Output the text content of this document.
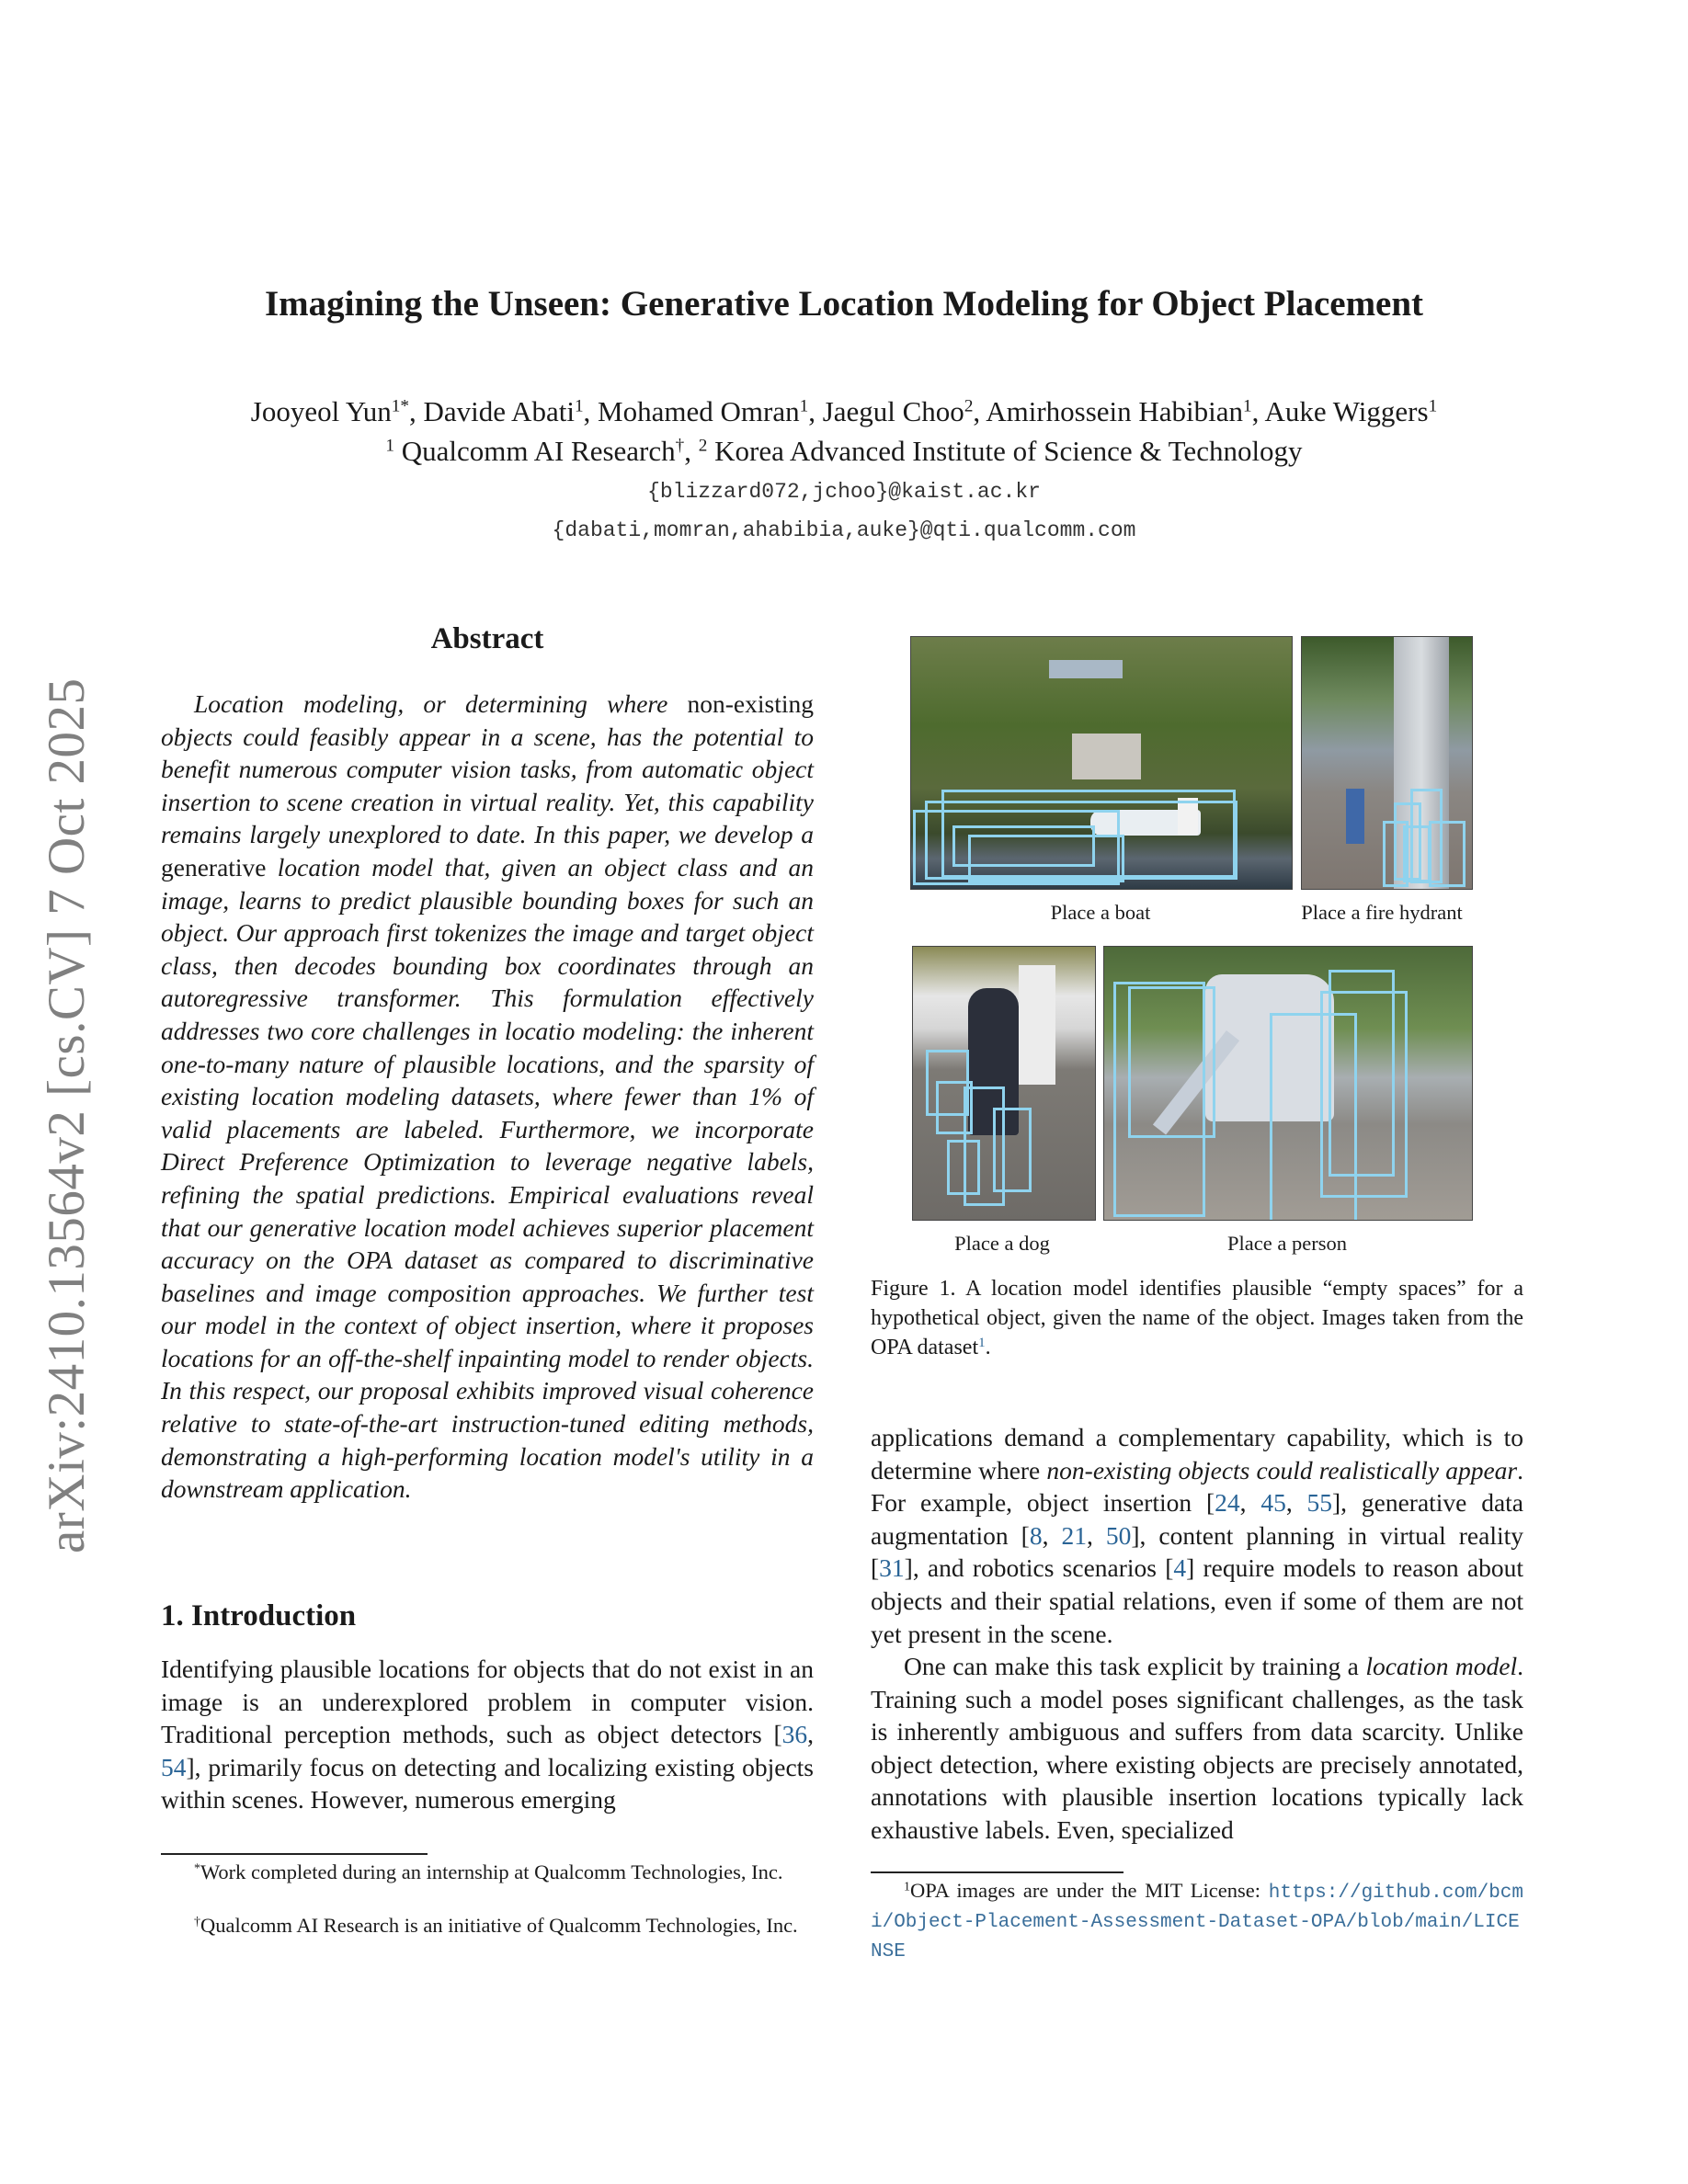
Imagining the Unseen: Generative Location Modeling for Object Placement
Jooyeol Yun$^{1*}$, Davide Abati$^1$, Mohamed Omran$^1$, Jaegul Choo$^2$, Amirhossein Habibian$^1$, Auke Wiggers$^1$
$^1$ Qualcomm AI Research†, $^2$ Korea Advanced Institute of Science & Technology
{blizzard072,jchoo}@kaist.ac.kr
{dabati,momran,ahabibia,auke}@qti.qualcomm.com
arXiv:2410.13564v2 [cs.CV] 7 Oct 2025
Abstract
Location modeling, or determining where non-existing objects could feasibly appear in a scene, has the potential to benefit numerous computer vision tasks, from automatic object insertion to scene creation in virtual reality. Yet, this capability remains largely unexplored to date. In this paper, we develop a generative location model that, given an object class and an image, learns to predict plausible bounding boxes for such an object. Our approach first tokenizes the image and target object class, then decodes bounding box coordinates through an autoregressive transformer. This formulation effectively addresses two core challenges in locatio modeling: the inherent one-to-many nature of plausible locations, and the sparsity of existing location modeling datasets, where fewer than 1% of valid placements are labeled. Furthermore, we incorporate Direct Preference Optimization to leverage negative labels, refining the spatial predictions. Empirical evaluations reveal that our generative location model achieves superior placement accuracy on the OPA dataset as compared to discriminative baselines and image composition approaches. We further test our model in the context of object insertion, where it proposes locations for an off-the-shelf inpainting model to render objects. In this respect, our proposal exhibits improved visual coherence relative to state-of-the-art instruction-tuned editing methods, demonstrating a high-performing location model's utility in a downstream application.
1. Introduction
Identifying plausible locations for objects that do not exist in an image is an underexplored problem in computer vision. Traditional perception methods, such as object detectors [36, 54], primarily focus on detecting and localizing existing objects within scenes. However, numerous emerging
*Work completed during an internship at Qualcomm Technologies, Inc.
†Qualcomm AI Research is an initiative of Qualcomm Technologies, Inc.
Place a boat	Place a fire hydrant
Place a dog	Place a person
Figure 1. A location model identifies plausible “empty spaces” for a hypothetical object, given the name of the object. Images taken from the OPA dataset$^1$.
applications demand a complementary capability, which is to determine where non-existing objects could realistically appear. For example, object insertion [24, 45, 55], generative data augmentation [8, 21, 50], content planning in virtual reality [31], and robotics scenarios [4] require models to reason about objects and their spatial relations, even if some of them are not yet present in the scene.
One can make this task explicit by training a location model. Training such a model poses significant challenges, as the task is inherently ambiguous and suffers from data scarcity. Unlike object detection, where existing objects are precisely annotated, annotations with plausible insertion locations typically lack exhaustive labels. Even, specialized
$^1$OPA images are under the MIT License: https://github.com/bcmi/Object-Placement-Assessment-Dataset-OPA/blob/main/LICENSE
